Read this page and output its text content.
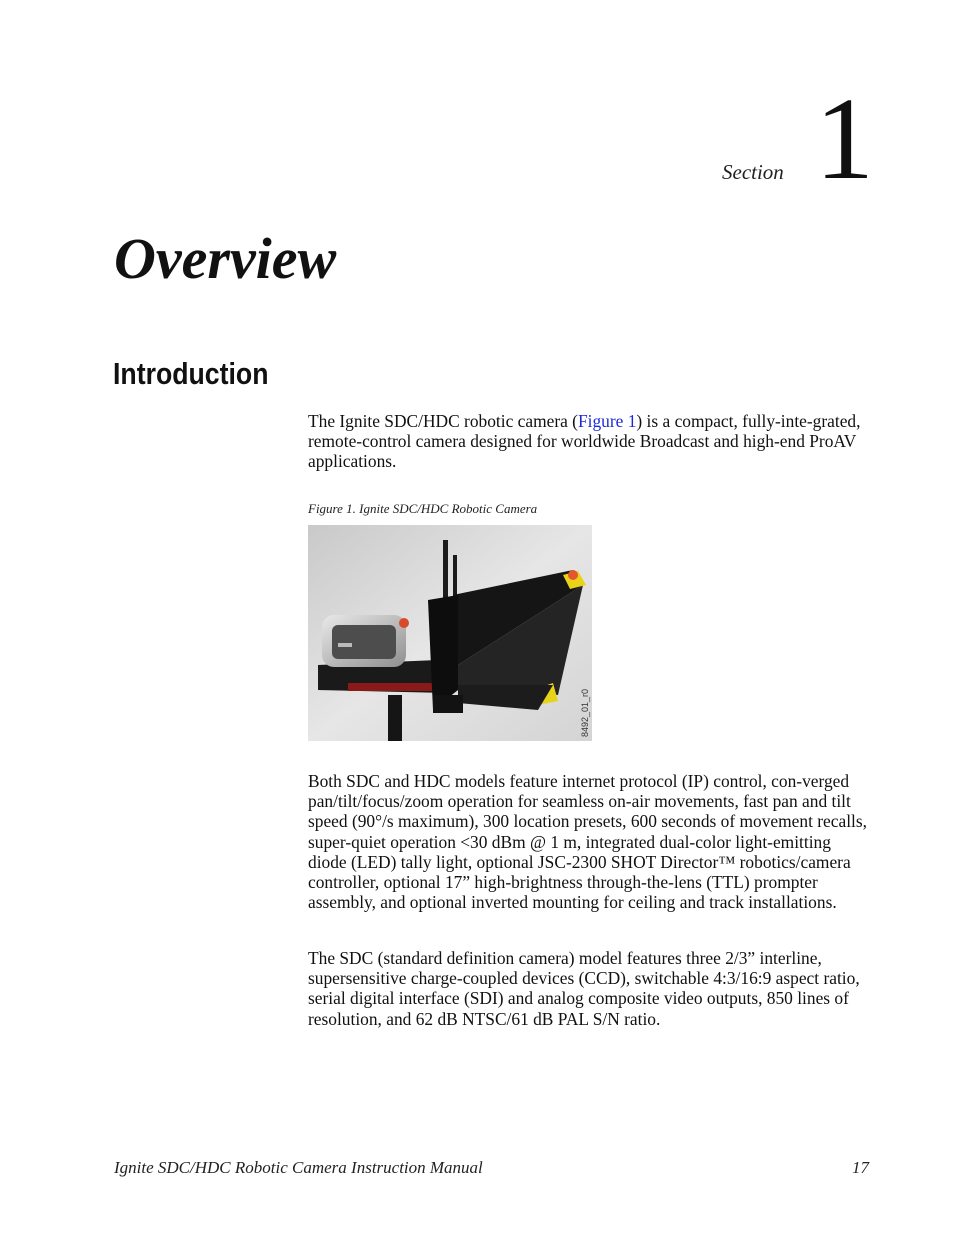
Section 1
Overview
Introduction

The Ignite SDC/HDC robotic camera (Figure 1) is a compact, fully-inte-grated, remote-control camera designed for worldwide Broadcast and high-end ProAV applications.

Figure 1. Ignite SDC/HDC Robotic Camera
8492_01_r0

Both SDC and HDC models feature internet protocol (IP) control, con-verged pan/tilt/focus/zoom operation for seamless on-air movements, fast pan and tilt speed (90°/s maximum), 300 location presets, 600 seconds of movement recalls, super-quiet operation <30 dBm @ 1 m, integrated dual-color light-emitting diode (LED) tally light, optional JSC-2300 SHOT Director™ robotics/camera controller, optional 17” high-brightness through-the-lens (TTL) prompter assembly, and optional inverted mounting for ceiling and track installations.

The SDC (standard definition camera) model features three 2/3” interline, supersensitive charge-coupled devices (CCD), switchable 4:3/16:9 aspect ratio, serial digital interface (SDI) and analog composite video outputs, 850 lines of resolution, and 62 dB NTSC/61 dB PAL S/N ratio.

Ignite SDC/HDC Robotic Camera Instruction Manual	17
